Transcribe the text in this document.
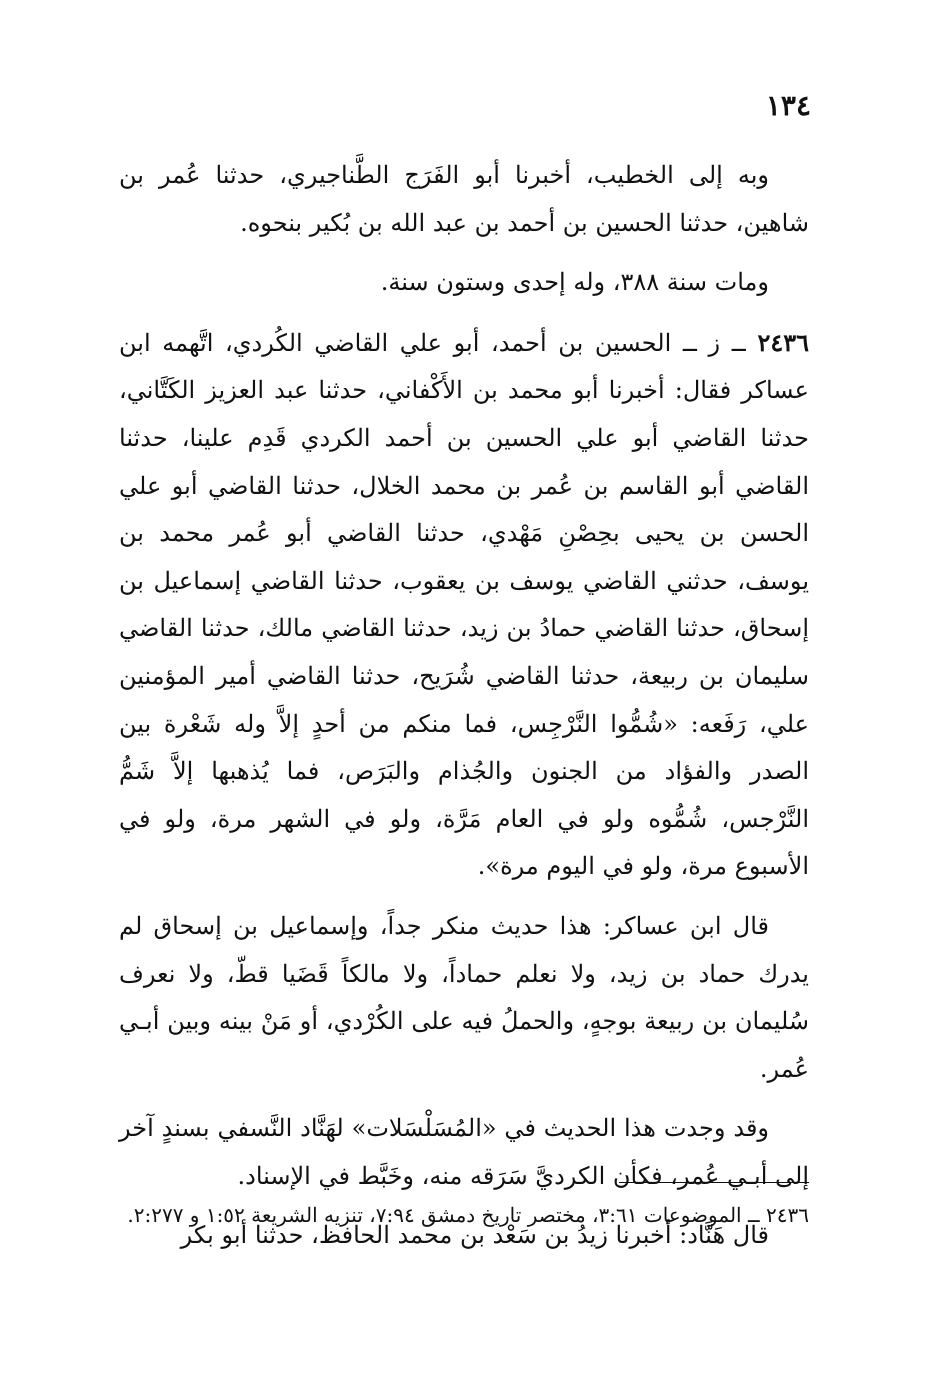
١٣٤

وبه إلى الخطيب، أخبرنا أبو الفَرَج الطَّناجيري، حدثنا عُمر بن شاهين، حدثنا الحسين بن أحمد بن عبد الله بن بُكير بنحوه.

ومات سنة ٣٨٨، وله إحدى وستون سنة.

٢٤٣٦ ــ ز ــ الحسين بن أحمد، أبو علي القاضي الكُردي، اتَّهمه ابن عساكر فقال: أخبرنا أبو محمد بن الأَكْفاني، حدثنا عبد العزيز الكَتَّاني، حدثنا القاضي أبو علي الحسين بن أحمد الكردي قَدِم علينا، حدثنا القاضي أبو القاسم بن عُمر بن محمد الخلال، حدثنا القاضي أبو علي الحسن بن يحيى بحِصْنِ مَهْدي، حدثنا القاضي أبو عُمر محمد بن يوسف، حدثني القاضي يوسف بن يعقوب، حدثنا القاضي إسماعيل بن إسحاق، حدثنا القاضي حمادُ بن زيد، حدثنا القاضي مالك، حدثنا القاضي سليمان بن ربيعة، حدثنا القاضي شُرَيح، حدثنا القاضي أمير المؤمنين علي، رَفَعه: «شُمُّوا النَّرْجِس، فما منكم من أحدٍ إلاَّ وله شَعْرة بين الصدر والفؤاد من الجنون والجُذام والبَرَص، فما يُذهبها إلاَّ شَمُّ النَّرْجس، شُمُّوه ولو في العام مَرَّة، ولو في الشهر مرة، ولو في الأسبوع مرة، ولو في اليوم مرة».

قال ابن عساكر: هذا حديث منكر جداً، وإسماعيل بن إسحاق لم يدرك حماد بن زيد، ولا نعلم حماداً، ولا مالكاً قَضَيا قطّ، ولا نعرف سُليمان بن ربيعة بوجهٍ، والحملُ فيه على الكُرْدي، أو مَنْ بينه وبين أبـي عُمر.

وقد وجدت هذا الحديث في «المُسَلْسَلات» لهَنَّاد النَّسفي بسندٍ آخر إلى أبـي عُمر، فكأن الكرديَّ سَرَقه منه، وخَبَّط في الإسناد.

قال هَنَّاد: أخبرنا زيدُ بن سَعْد بن محمد الحافظ، حدثنا أبو بكر

٢٤٣٦ ــ الموضوعات ٣:٦١، مختصر تاريخ دمشق ٧:٩٤، تنزيه الشريعة ١:٥٢ و ٢:٢٧٧.
